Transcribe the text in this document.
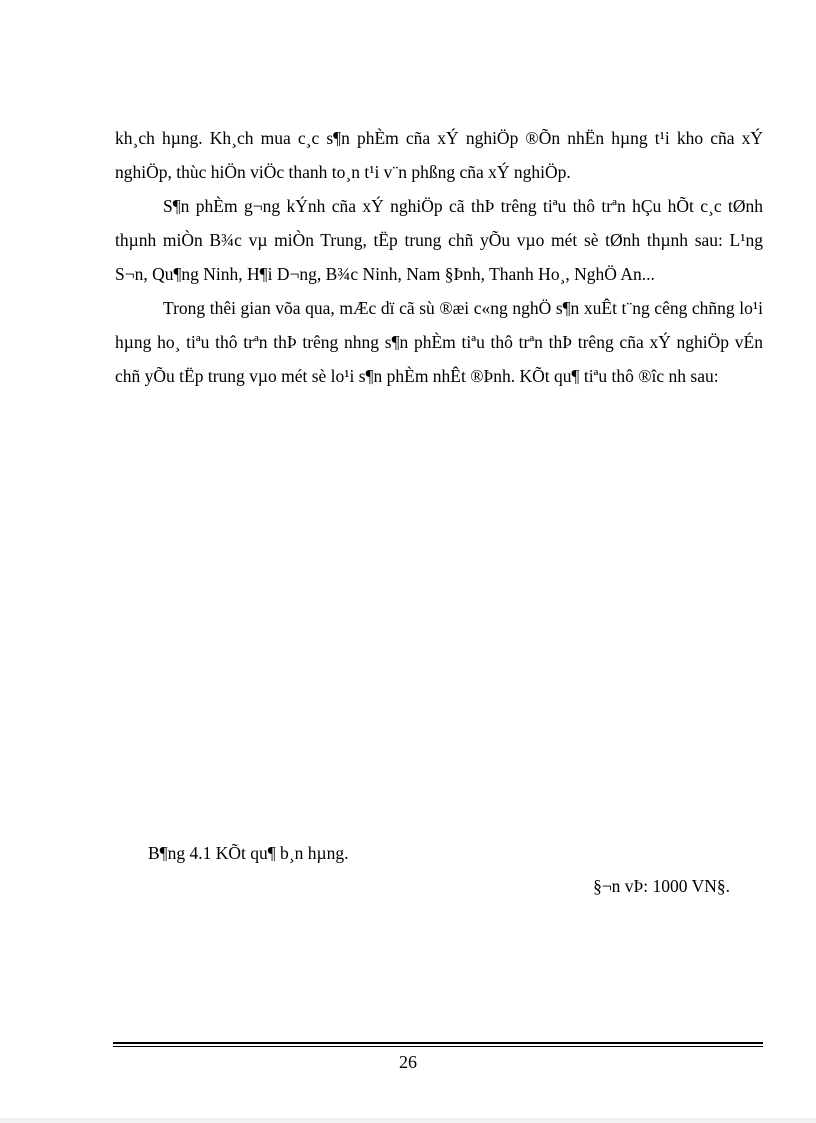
kh¸ch hµng. Kh¸ch mua c¸c s¶n phÈm cña xÝ nghiÖp ®Õn nhËn hµng t¹i kho cña xÝ nghiÖp, thùc hiÖn viÖc thanh to¸n t¹i v¨n phßng cña xÝ nghiÖp.

S¶n phÈm g¬ng kÝnh cña xÝ nghiÖp cã thÞ trêng tiªu thô trªn hÇu hÕt c¸c tØnh thµnh miÒn B¾c vµ miÒn Trung, tËp trung chñ yÕu vµo mét sè tØnh thµnh sau: L¹ng S¬n, Qu¶ng Ninh, H¶i D¬ng, B¾c Ninh, Nam §Þnh, Thanh Ho¸, NghÖ An...

Trong thêi gian võa qua, mÆc dï cã sù ®æi c«ng nghÖ s¶n xuÊt t¨ng cêng chñng lo¹i hµng ho¸ tiªu thô trªn thÞ trêng nhng s¶n phÈm tiªu thô trªn thÞ trêng cña xÝ nghiÖp vÉn chñ yÕu tËp trung vµo mét sè lo¹i s¶n phÈm nhÊt ®Þnh. KÕt qu¶ tiªu thô ®îc nh sau:

B¶ng 4.1 KÕt qu¶ b¸n hµng.
§¬n vÞ: 1000 VN§.
26
